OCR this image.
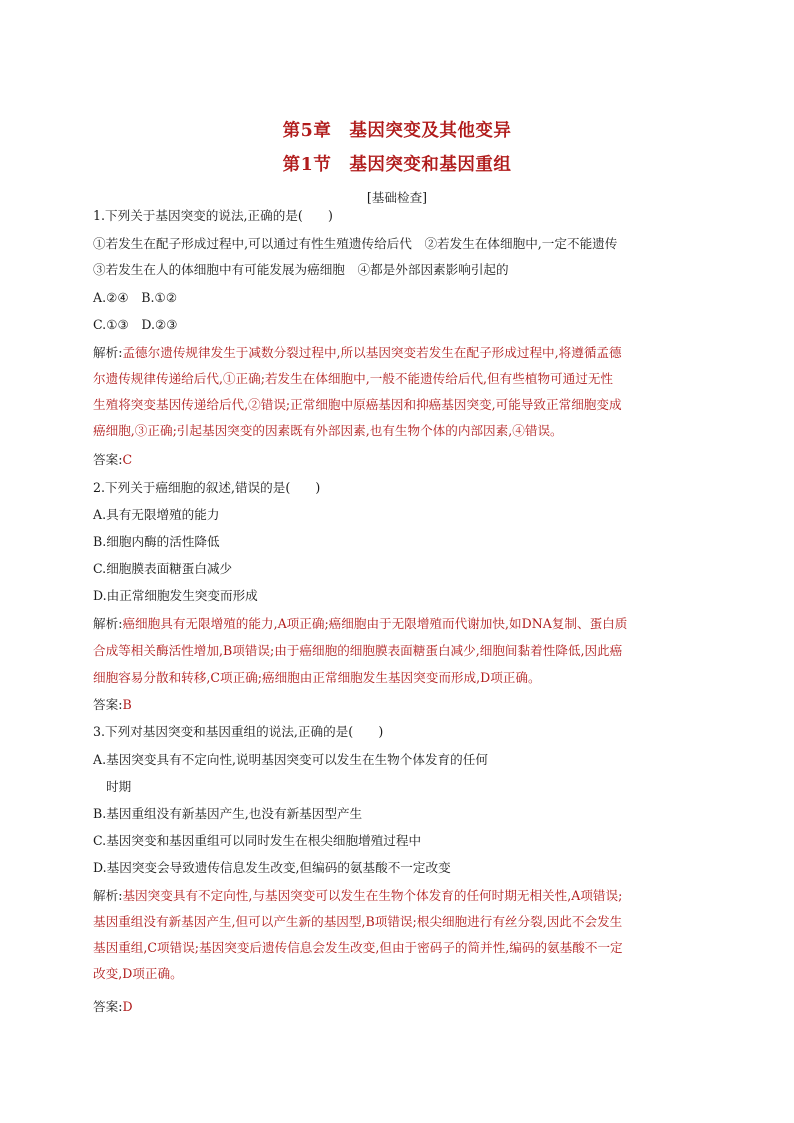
第5章　基因突变及其他变异
第1节　基因突变和基因重组
[基础检查]
1.下列关于基因突变的说法,正确的是(　　)
①若发生在配子形成过程中,可以通过有性生殖遗传给后代　②若发生在体细胞中,一定不能遗传
③若发生在人的体细胞中有可能发展为癌细胞　④都是外部因素影响引起的
A.②④　B.①②
C.①③　D.②③
解析:孟德尔遗传规律发生于减数分裂过程中,所以基因突变若发生在配子形成过程中,将遵循孟德
尔遗传规律传递给后代,①正确;若发生在体细胞中,一般不能遗传给后代,但有些植物可通过无性
生殖将突变基因传递给后代,②错误;正常细胞中原癌基因和抑癌基因突变,可能导致正常细胞变成
癌细胞,③正确;引起基因突变的因素既有外部因素,也有生物个体的内部因素,④错误。
答案:C
2.下列关于癌细胞的叙述,错误的是(　　)
A.具有无限增殖的能力
B.细胞内酶的活性降低
C.细胞膜表面糖蛋白减少
D.由正常细胞发生突变而形成
解析:癌细胞具有无限增殖的能力,A项正确;癌细胞由于无限增殖而代谢加快,如DNA复制、蛋白质
合成等相关酶活性增加,B项错误;由于癌细胞的细胞膜表面糖蛋白减少,细胞间黏着性降低,因此癌
细胞容易分散和转移,C项正确;癌细胞由正常细胞发生基因突变而形成,D项正确。
答案:B
3.下列对基因突变和基因重组的说法,正确的是(　　)
A.基因突变具有不定向性,说明基因突变可以发生在生物个体发育的任何
时期
B.基因重组没有新基因产生,也没有新基因型产生
C.基因突变和基因重组可以同时发生在根尖细胞增殖过程中
D.基因突变会导致遗传信息发生改变,但编码的氨基酸不一定改变
解析:基因突变具有不定向性,与基因突变可以发生在生物个体发育的任何时期无相关性,A项错误;
基因重组没有新基因产生,但可以产生新的基因型,B项错误;根尖细胞进行有丝分裂,因此不会发生
基因重组,C项错误;基因突变后遗传信息会发生改变,但由于密码子的简并性,编码的氨基酸不一定
改变,D项正确。
答案:D
